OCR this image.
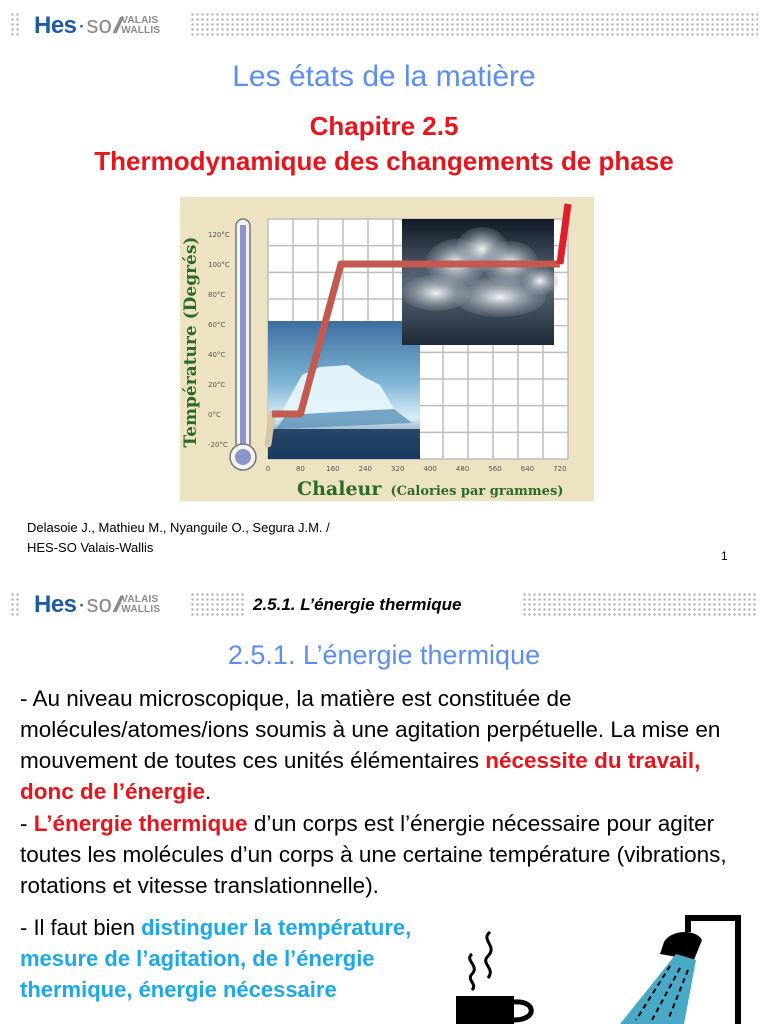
Hes · so /// VALAIS
WALLIS
Les états de la matière
Chapitre 2.5
Thermodynamique des changements de phase
120°C
100°C
80°C
60°C
40°C
20°C
0°C
-20°C
0	80	160	240	320	400	480	560	640	720
Température (Degrés)
Chaleur (Calories par grammes)
Delasoie J., Mathieu M., Nyanguile O., Segura J.M. /
HES-SO Valais-Wallis
1
Hes · so /// VALAIS
WALLIS	2.5.1. L’énergie thermique
2.5.1. L’énergie thermique
- Au niveau microscopique, la matière est constituée de molécules/atomes/ions soumis à une agitation perpétuelle. La mise en mouvement de toutes ces unités élémentaires nécessite du travail, donc de l’énergie.
- L’énergie thermique d’un corps est l’énergie nécessaire pour agiter toutes les molécules d’un corps à une certaine température (vibrations, rotations et vitesse translationnelle).
- Il faut bien distinguer la température, mesure de l’agitation, de l’énergie thermique, énergie nécessaire
